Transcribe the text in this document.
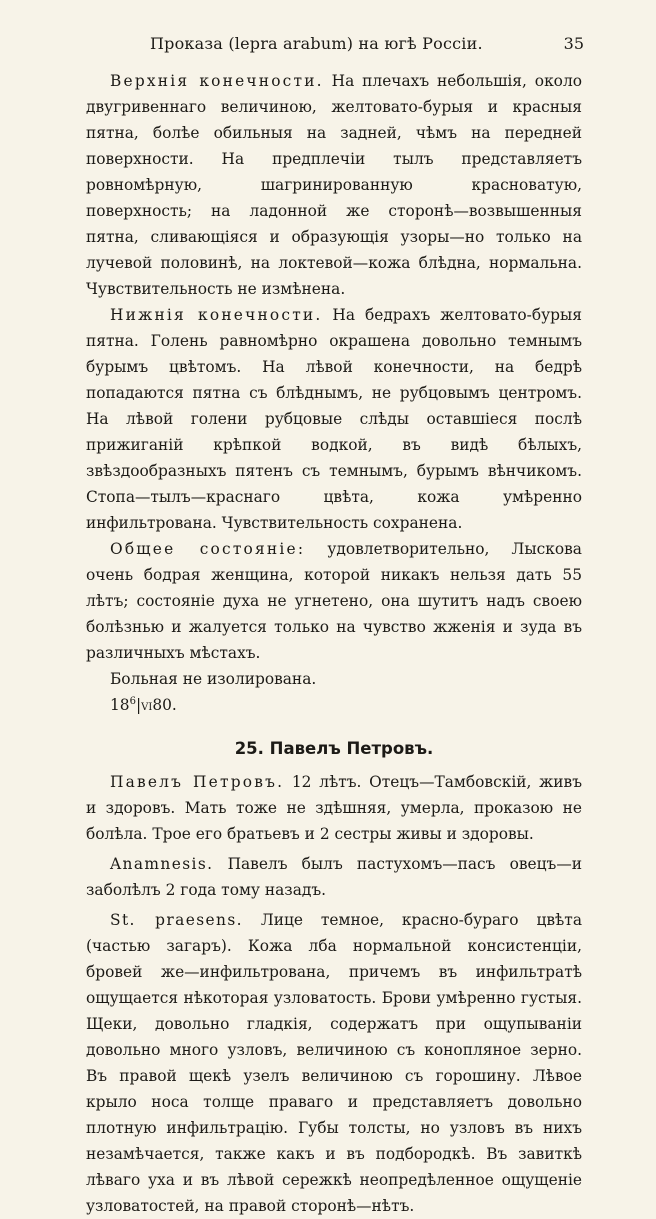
Проказа (lepra arabum) на югѣ Россіи.	35

Верхнія конечности. На плечахъ небольшія, около двугривеннаго величиною, желтовато-бурыя и красныя пятна, болѣе обильныя на задней, чѣмъ на передней поверхности. На предплечіи тылъ представляетъ ровномѣрную, шагринированную красноватую, поверхность; на ладонной же сторонѣ—возвышенныя пятна, сливающіяся и образующія узоры—но только на лучевой половинѣ, на локтевой—кожа блѣдна, нормальна. Чувствительность не измѣнена.

Нижнія конечности. На бедрахъ желтовато-бурыя пятна. Голень равномѣрно окрашена довольно темнымъ бурымъ цвѣтомъ. На лѣвой конечности, на бедрѣ попадаются пятна съ блѣднымъ, не рубцовымъ центромъ. На лѣвой голени рубцовые слѣды оставшіеся послѣ прижиганій крѣпкой водкой, въ видѣ бѣлыхъ, звѣздообразныхъ пятенъ съ темнымъ, бурымъ вѣнчикомъ. Стопа—тылъ—краснаго цвѣта, кожа умѣренно инфильтрована. Чувствительность сохранена.

Общее состояніе: удовлетворительно, Лыскова очень бодрая женщина, которой никакъ нельзя дать 55 лѣтъ; состояніе духа не угнетено, она шутитъ надъ своею болѣзнью и жалуется только на чувство жженія и зуда въ различныхъ мѣстахъ.

Больная не изолирована.

$18^6|VI80$.

25. Павелъ Петровъ.

Павелъ Петровъ. 12 лѣтъ. Отецъ—Тамбовскій, живъ и здоровъ. Мать тоже не здѣшняя, умерла, проказою не болѣла. Трое его братьевъ и 2 сестры живы и здоровы.

Anamnesis. Павелъ былъ пастухомъ—пасъ овецъ—и заболѣлъ 2 года тому назадъ.

St. praesens. Лице темное, красно-бураго цвѣта (частью загаръ). Кожа лба нормальной консистенціи, бровей же—инфильтрована, причемъ въ инфильтратѣ ощущается нѣкоторая узловатость. Брови умѣренно густыя. Щеки, довольно гладкія, содержатъ при ощупываніи довольно много узловъ, величиною съ конопляное зерно. Въ правой щекѣ узелъ величиною съ горошину. Лѣвое крыло носа толще праваго и представляетъ довольно плотную инфильтрацію. Губы толсты, но узловъ въ нихъ незамѣчается, также какъ и въ подбородкѣ. Въ завиткѣ лѣваго уха и въ лѣвой сережкѣ неопредѣленное ощущеніе узловатостей, на правой сторонѣ—нѣтъ.
